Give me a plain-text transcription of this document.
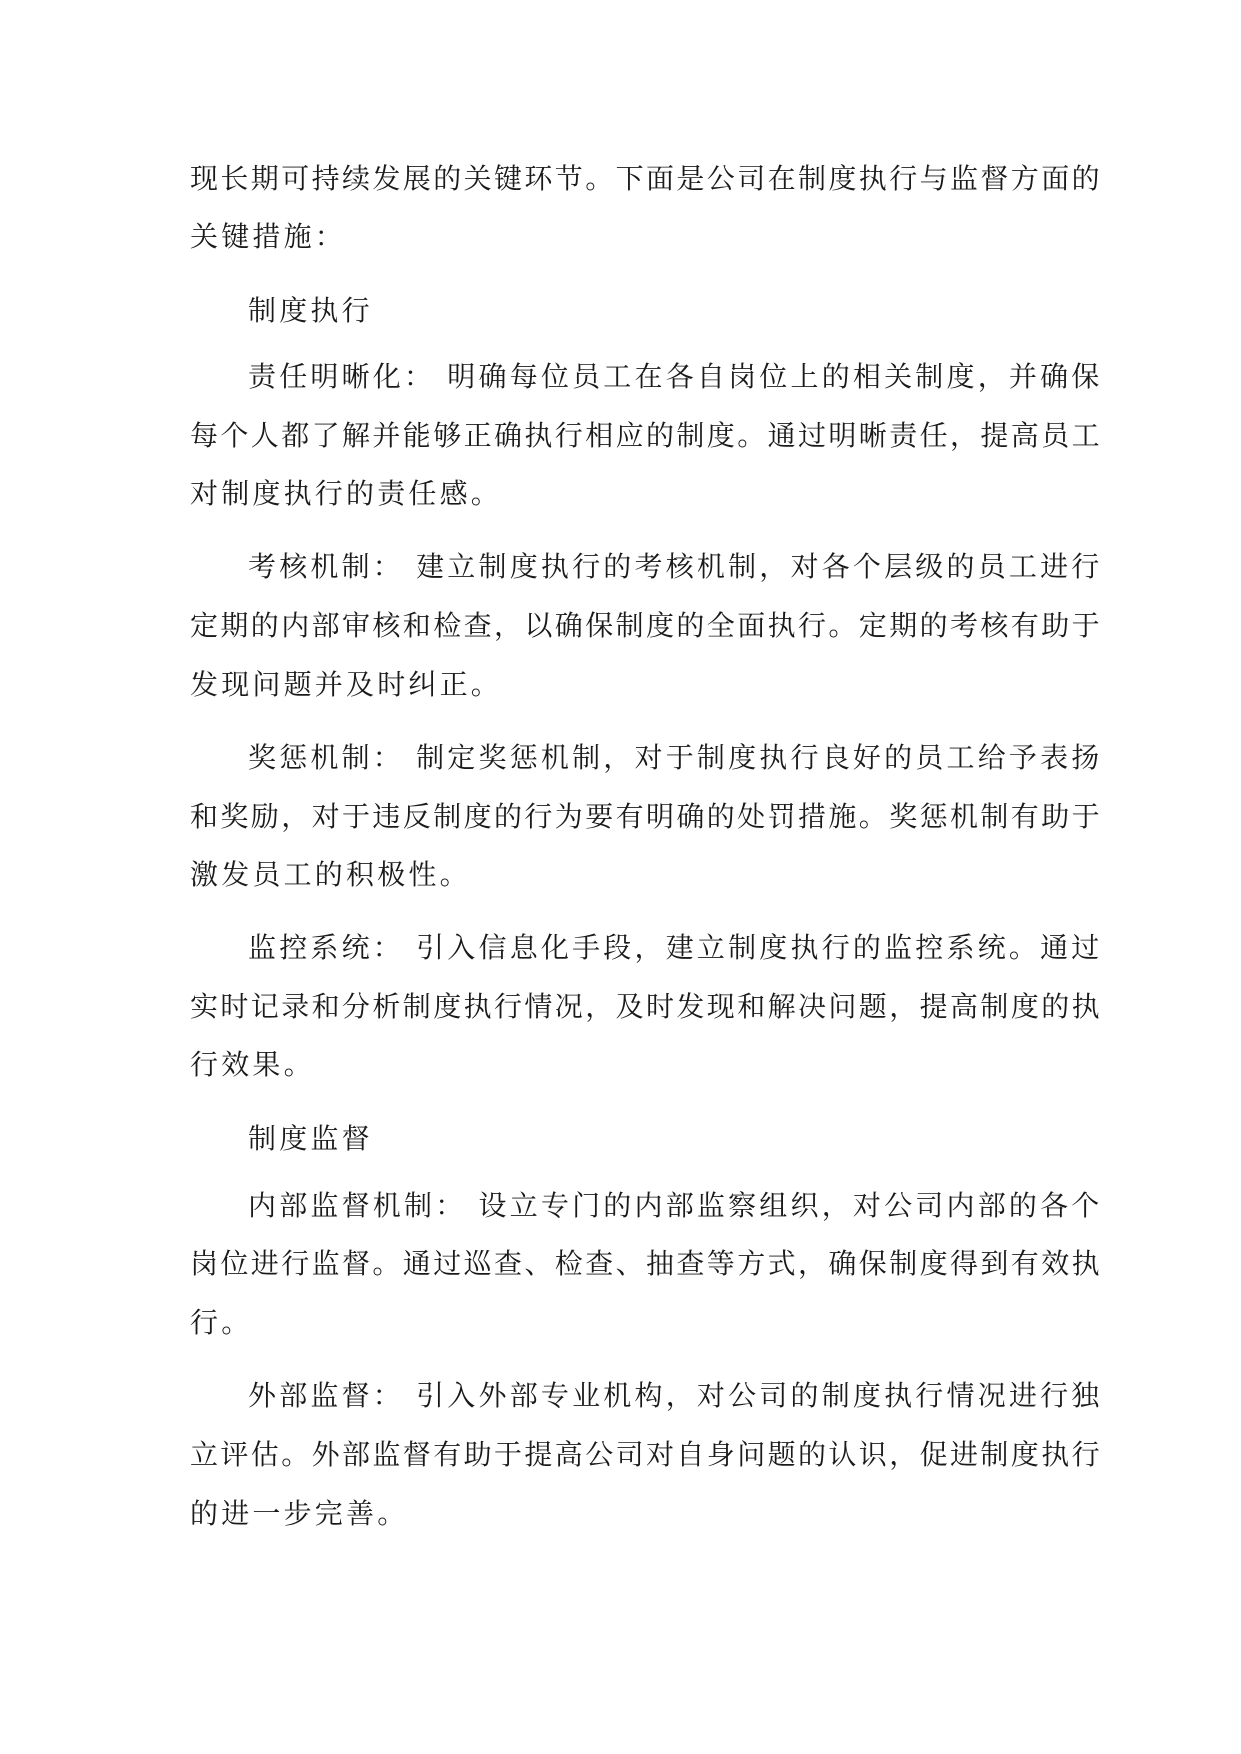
现长期可持续发展的关键环节。下面是公司在制度执行与监督方面的

关键措施：

制度执行

责任明晰化： 明确每位员工在各自岗位上的相关制度，并确保

每个人都了解并能够正确执行相应的制度。通过明晰责任，提高员工

对制度执行的责任感。

考核机制： 建立制度执行的考核机制，对各个层级的员工进行

定期的内部审核和检查，以确保制度的全面执行。定期的考核有助于

发现问题并及时纠正。

奖惩机制： 制定奖惩机制，对于制度执行良好的员工给予表扬

和奖励，对于违反制度的行为要有明确的处罚措施。奖惩机制有助于

激发员工的积极性。

监控系统： 引入信息化手段，建立制度执行的监控系统。通过

实时记录和分析制度执行情况，及时发现和解决问题，提高制度的执

行效果。

制度监督

内部监督机制： 设立专门的内部监察组织，对公司内部的各个

岗位进行监督。通过巡查、检查、抽查等方式，确保制度得到有效执

行。

外部监督： 引入外部专业机构，对公司的制度执行情况进行独

立评估。外部监督有助于提高公司对自身问题的认识，促进制度执行

的进一步完善。
